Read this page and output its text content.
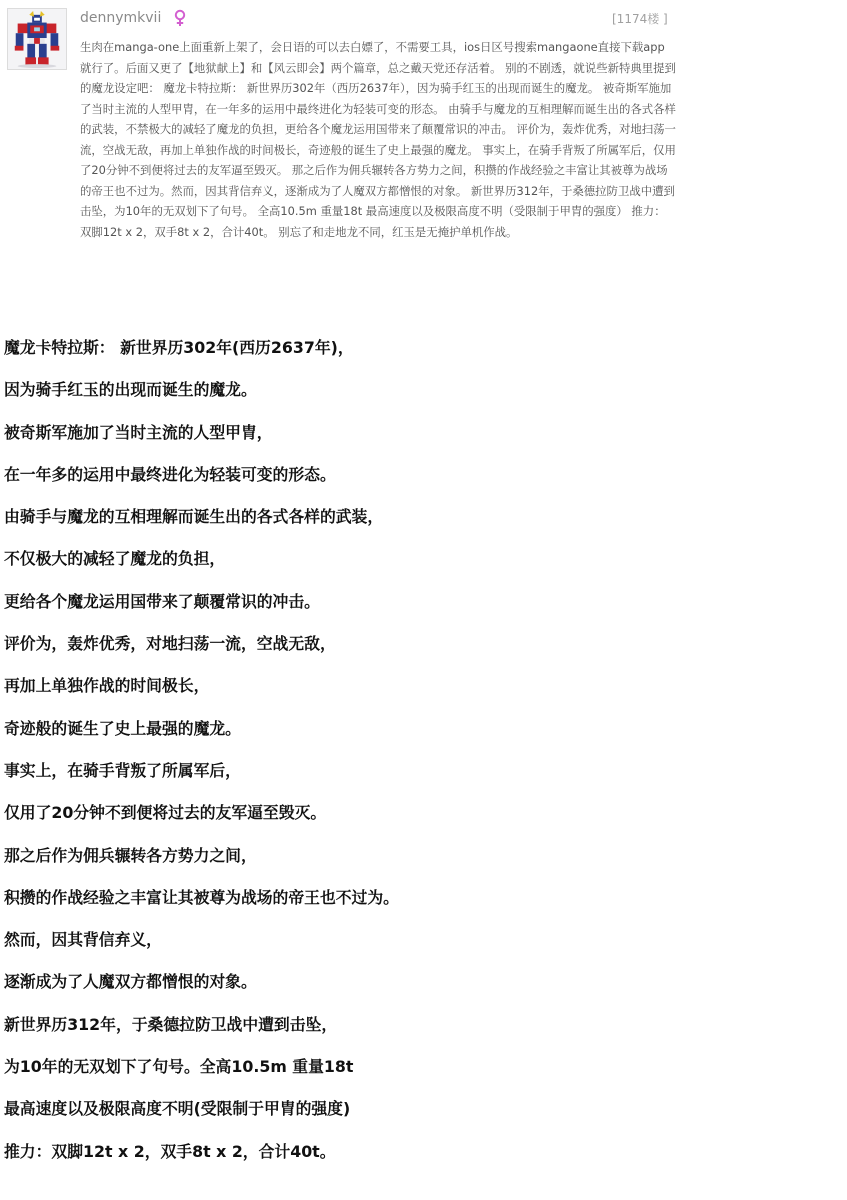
dennymkvii	[1174楼 ]
生肉在manga-one上面重新上架了，会日语的可以去白嫖了，不需要工具，ios日区号搜索mangaone直接下载app就行了。后面又更了【地狱献上】和【风云即会】两个篇章，总之戴天党还存活着。 别的不剧透，就说些新特典里提到的魔龙设定吧： 魔龙卡特拉斯： 新世界历302年（西历2637年），因为骑手红玉的出现而诞生的魔龙。 被奇斯军施加了当时主流的人型甲胄，在一年多的运用中最终进化为轻装可变的形态。 由骑手与魔龙的互相理解而诞生出的各式各样的武装，不禁极大的减轻了魔龙的负担，更给各个魔龙运用国带来了颠覆常识的冲击。 评价为，轰炸优秀，对地扫荡一流，空战无敌，再加上单独作战的时间极长，奇迹般的诞生了史上最强的魔龙。 事实上，在骑手背叛了所属军后，仅用了20分钟不到便将过去的友军逼至毁灭。 那之后作为佣兵辗转各方势力之间，积攒的作战经验之丰富让其被尊为战场的帝王也不过为。然而，因其背信弃义，逐渐成为了人魔双方都憎恨的对象。 新世界历312年，于桑德拉防卫战中遭到击坠，为10年的无双划下了句号。 全高10.5m 重量18t 最高速度以及极限高度不明（受限制于甲胄的强度） 推力：双脚12t x 2，双手8t x 2，合计40t。 别忘了和走地龙不同，红玉是无掩护单机作战。
魔龙卡特拉斯： 新世界历302年(西历2637年)，
因为骑手红玉的出现而诞生的魔龙。
被奇斯军施加了当时主流的人型甲胄，
在一年多的运用中最终进化为轻装可变的形态。
由骑手与魔龙的互相理解而诞生出的各式各样的武装，
不仅极大的减轻了魔龙的负担，
更给各个魔龙运用国带来了颠覆常识的冲击。
评价为，轰炸优秀，对地扫荡一流，空战无敌，
再加上单独作战的时间极长，
奇迹般的诞生了史上最强的魔龙。
事实上，在骑手背叛了所属军后，
仅用了20分钟不到便将过去的友军逼至毁灭。
那之后作为佣兵辗转各方势力之间，
积攒的作战经验之丰富让其被尊为战场的帝王也不过为。
然而，因其背信弃义，
逐渐成为了人魔双方都憎恨的对象。
新世界历312年，于桑德拉防卫战中遭到击坠，
为10年的无双划下了句号。全高10.5m 重量18t
最高速度以及极限高度不明(受限制于甲胄的强度)
推力：双脚12t x 2，双手8t x 2，合计40t。
